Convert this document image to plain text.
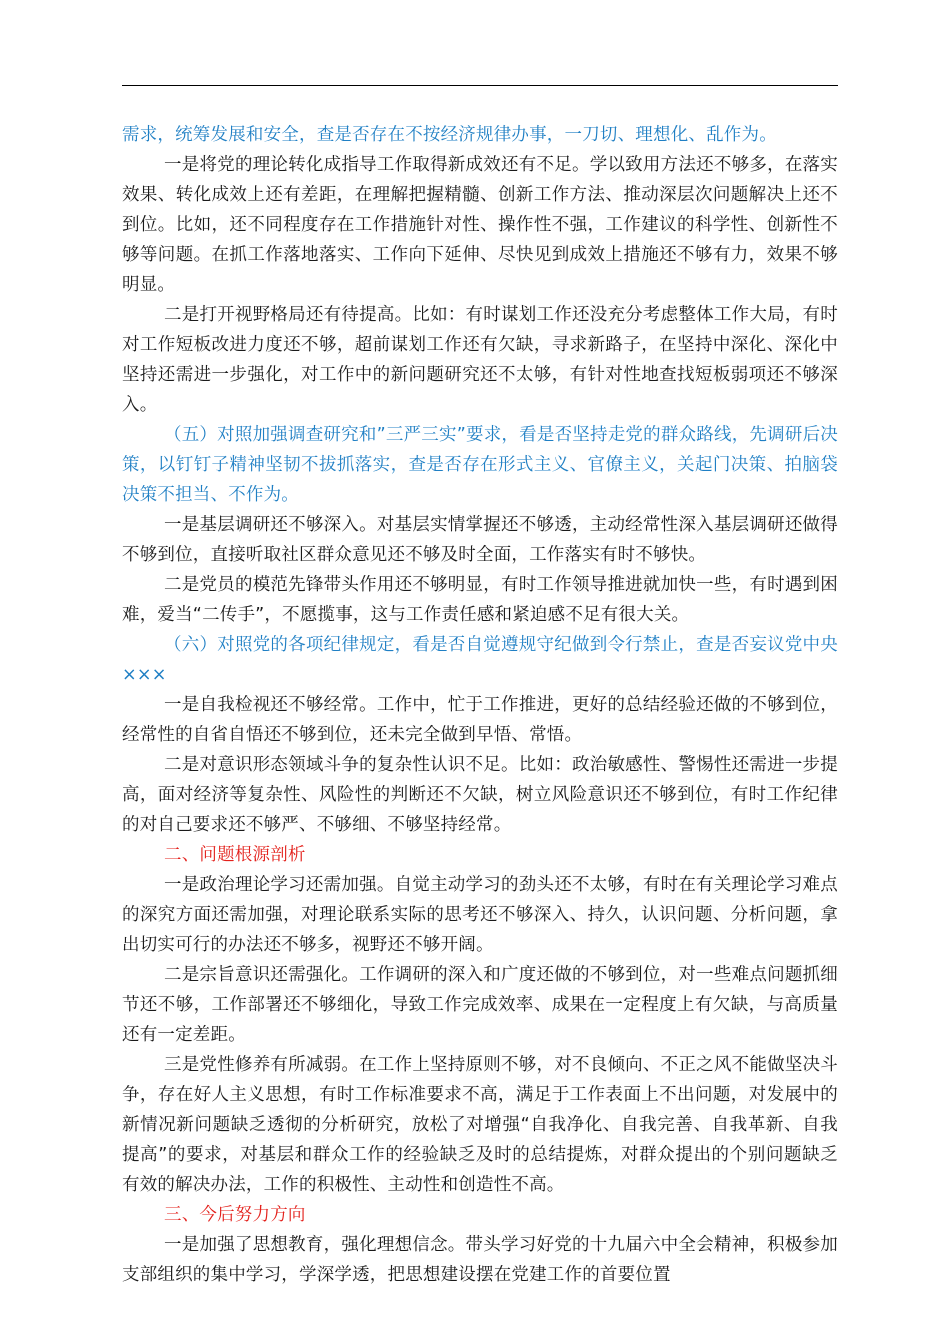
需求，统筹发展和安全，查是否存在不按经济规律办事，一刀切、理想化、乱作为。

一是将党的理论转化成指导工作取得新成效还有不足。学以致用方法还不够多，在落实效果、转化成效上还有差距，在理解把握精髓、创新工作方法、推动深层次问题解决上还不到位。比如，还不同程度存在工作措施针对性、操作性不强，工作建议的科学性、创新性不够等问题。在抓工作落地落实、工作向下延伸、尽快见到成效上措施还不够有力，效果不够明显。

二是打开视野格局还有待提高。比如：有时谋划工作还没充分考虑整体工作大局，有时对工作短板改进力度还不够，超前谋划工作还有欠缺，寻求新路子，在坚持中深化、深化中坚持还需进一步强化，对工作中的新问题研究还不太够，有针对性地查找短板弱项还不够深入。

（五）对照加强调查研究和”三严三实”要求，看是否坚持走党的群众路线，先调研后决策，以钉钉子精神坚韧不拔抓落实，查是否存在形式主义、官僚主义，关起门决策、拍脑袋决策不担当、不作为。

一是基层调研还不够深入。对基层实情掌握还不够透，主动经常性深入基层调研还做得不够到位，直接听取社区群众意见还不够及时全面，工作落实有时不够快。

二是党员的模范先锋带头作用还不够明显，有时工作领导推进就加快一些，有时遇到困难，爱当“二传手”，不愿揽事，这与工作责任感和紧迫感不足有很大关。

（六）对照党的各项纪律规定，看是否自觉遵规守纪做到令行禁止，查是否妄议党中央×××

一是自我检视还不够经常。工作中，忙于工作推进，更好的总结经验还做的不够到位，经常性的自省自悟还不够到位，还未完全做到早悟、常悟。

二是对意识形态领域斗争的复杂性认识不足。比如：政治敏感性、警惕性还需进一步提高，面对经济等复杂性、风险性的判断还不欠缺，树立风险意识还不够到位，有时工作纪律的对自己要求还不够严、不够细、不够坚持经常。

二、问题根源剖析

一是政治理论学习还需加强。自觉主动学习的劲头还不太够，有时在有关理论学习难点的深究方面还需加强，对理论联系实际的思考还不够深入、持久，认识问题、分析问题，拿出切实可行的办法还不够多，视野还不够开阔。

二是宗旨意识还需强化。工作调研的深入和广度还做的不够到位，对一些难点问题抓细节还不够，工作部署还不够细化，导致工作完成效率、成果在一定程度上有欠缺，与高质量还有一定差距。

三是党性修养有所减弱。在工作上坚持原则不够，对不良倾向、不正之风不能做坚决斗争，存在好人主义思想，有时工作标准要求不高，满足于工作表面上不出问题，对发展中的新情况新问题缺乏透彻的分析研究，放松了对增强“自我净化、自我完善、自我革新、自我提高”的要求，对基层和群众工作的经验缺乏及时的总结提炼，对群众提出的个别问题缺乏有效的解决办法，工作的积极性、主动性和创造性不高。

三、今后努力方向

一是加强了思想教育，强化理想信念。带头学习好党的十九届六中全会精神，积极参加支部组织的集中学习，学深学透，把思想建设摆在党建工作的首要位置
